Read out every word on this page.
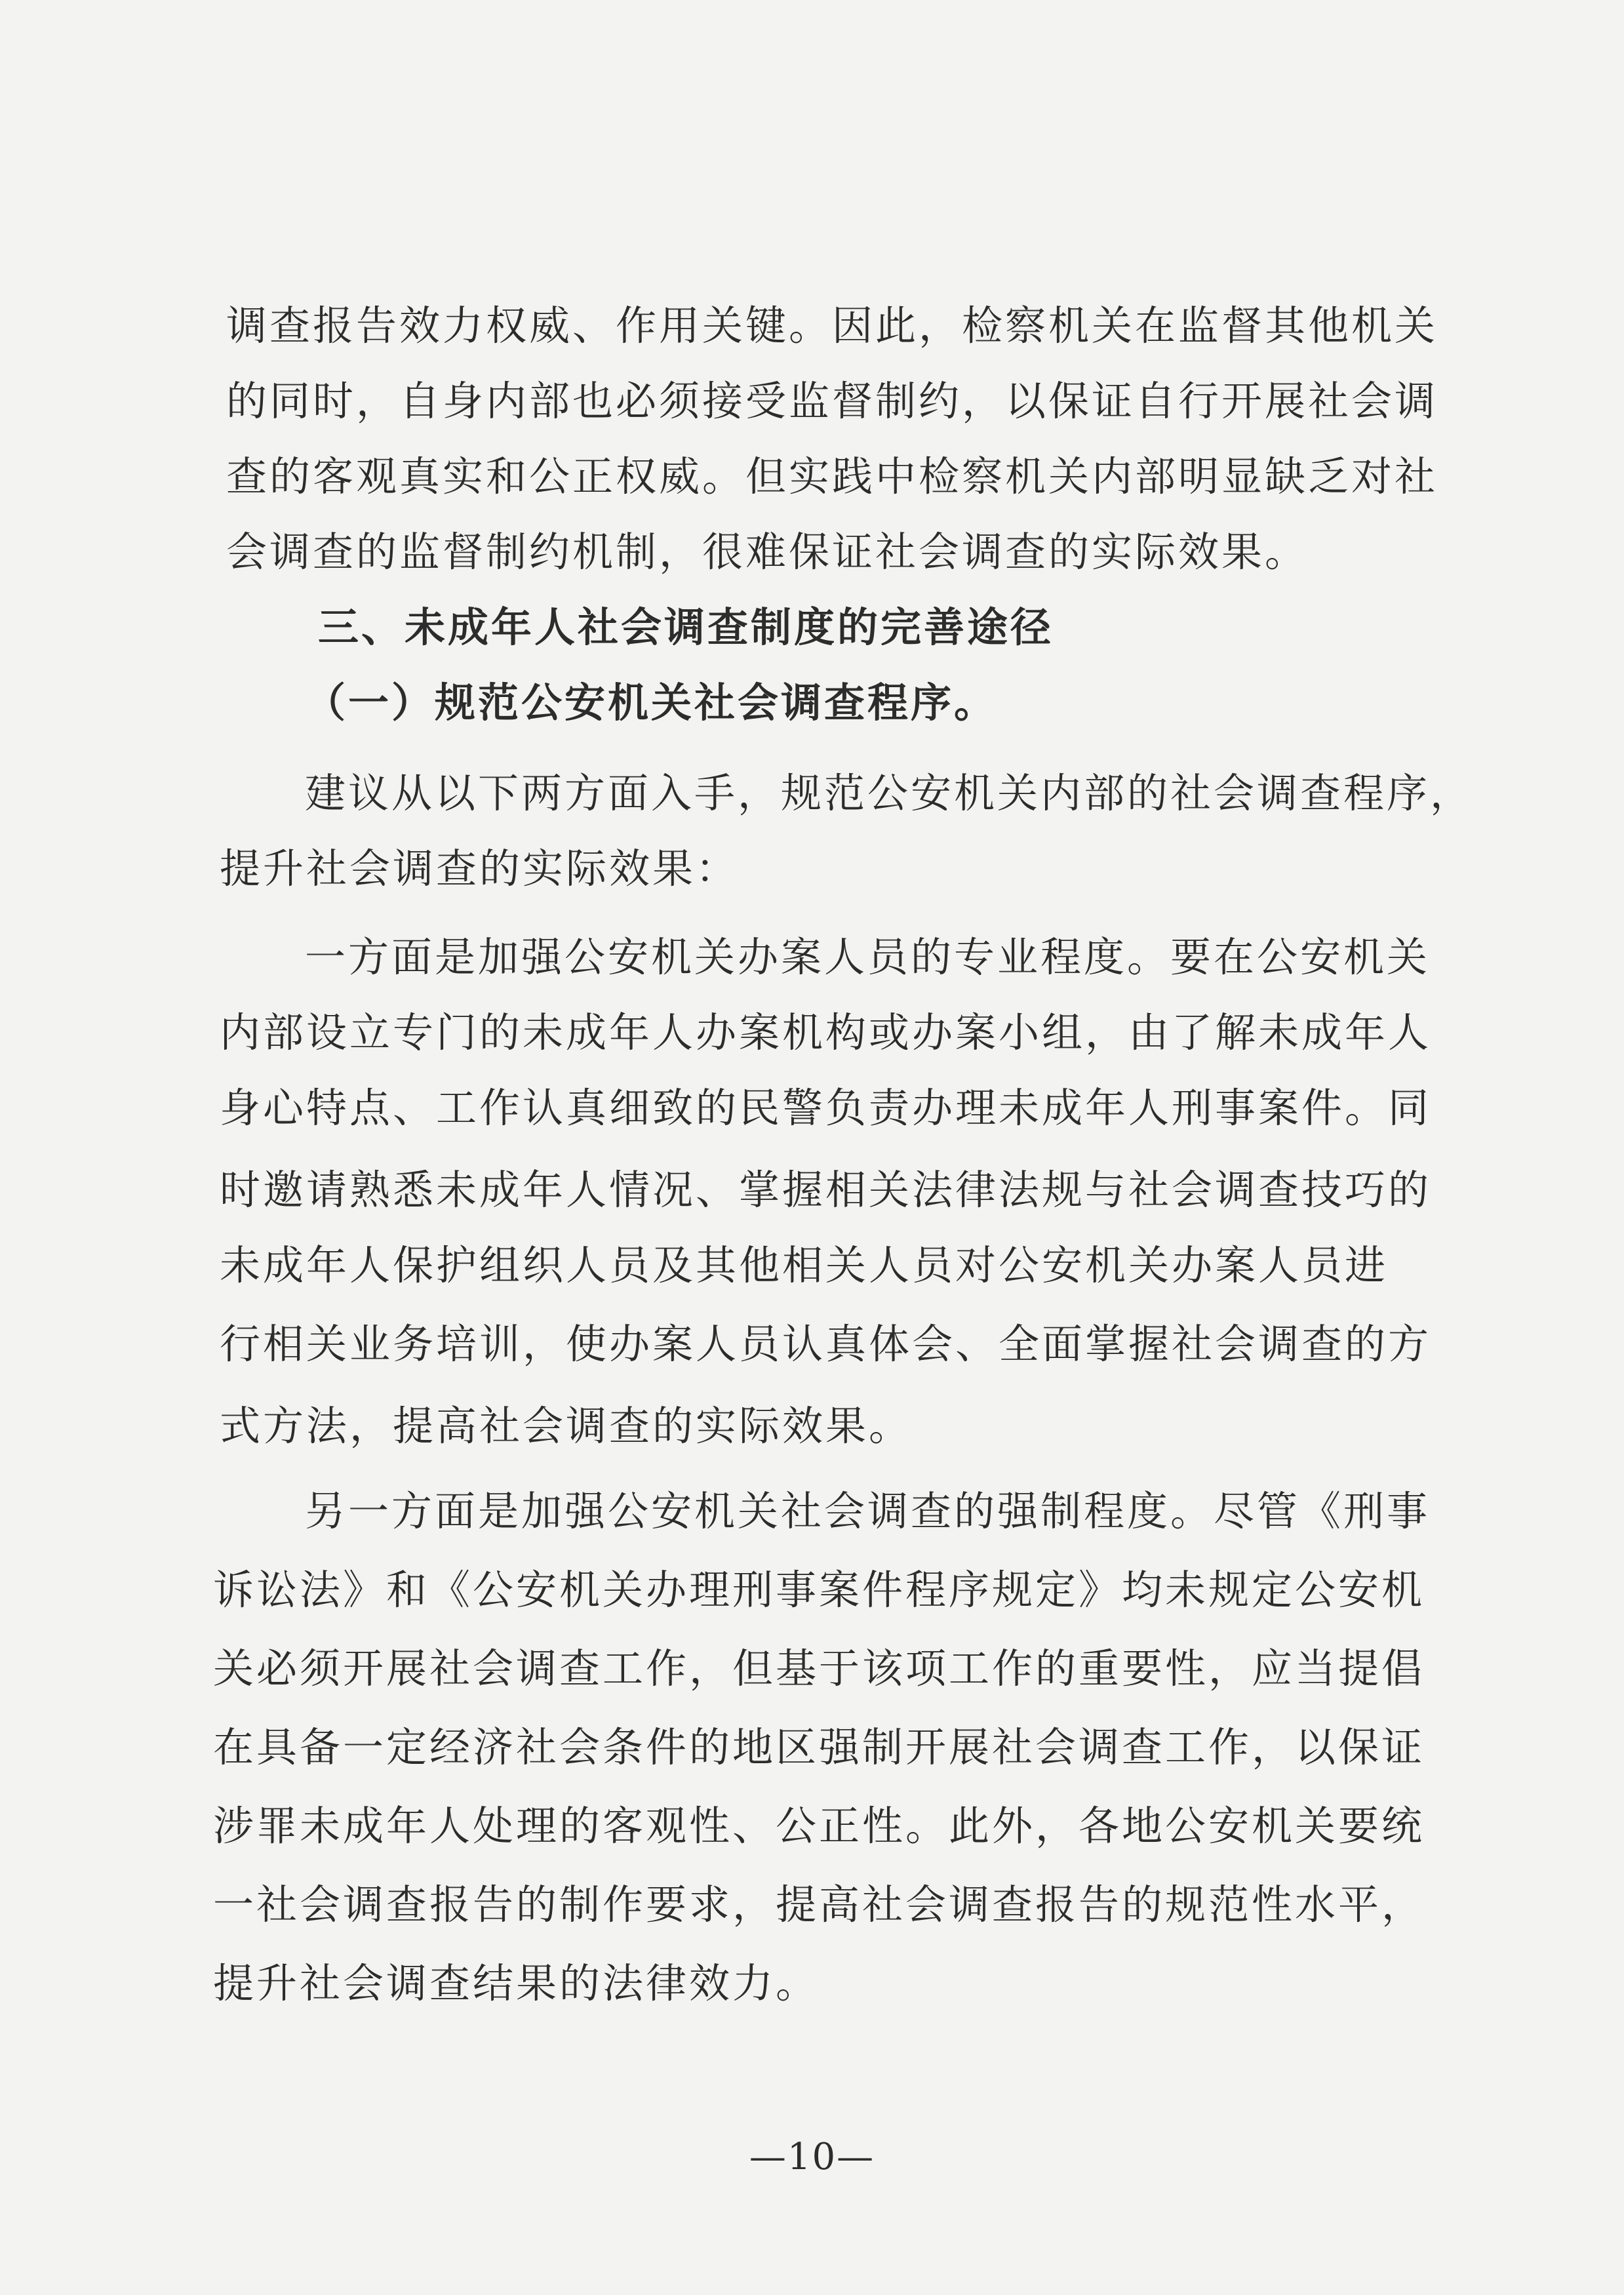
调查报告效力权威、作用关键。因此，检察机关在监督其他机关
的同时，自身内部也必须接受监督制约，以保证自行开展社会调
查的客观真实和公正权威。但实践中检察机关内部明显缺乏对社
会调查的监督制约机制，很难保证社会调查的实际效果。
三、未成年人社会调查制度的完善途径
（一）规范公安机关社会调查程序。
建议从以下两方面入手，规范公安机关内部的社会调查程序，
提升社会调查的实际效果：
一方面是加强公安机关办案人员的专业程度。要在公安机关
内部设立专门的未成年人办案机构或办案小组，由了解未成年人
身心特点、工作认真细致的民警负责办理未成年人刑事案件。同
时邀请熟悉未成年人情况、掌握相关法律法规与社会调查技巧的
未成年人保护组织人员及其他相关人员对公安机关办案人员进
行相关业务培训，使办案人员认真体会、全面掌握社会调查的方
式方法，提高社会调查的实际效果。
另一方面是加强公安机关社会调查的强制程度。尽管《刑事
诉讼法》和《公安机关办理刑事案件程序规定》均未规定公安机
关必须开展社会调查工作，但基于该项工作的重要性，应当提倡
在具备一定经济社会条件的地区强制开展社会调查工作，以保证
涉罪未成年人处理的客观性、公正性。此外，各地公安机关要统
一社会调查报告的制作要求，提高社会调查报告的规范性水平，
提升社会调查结果的法律效力。
—10—
